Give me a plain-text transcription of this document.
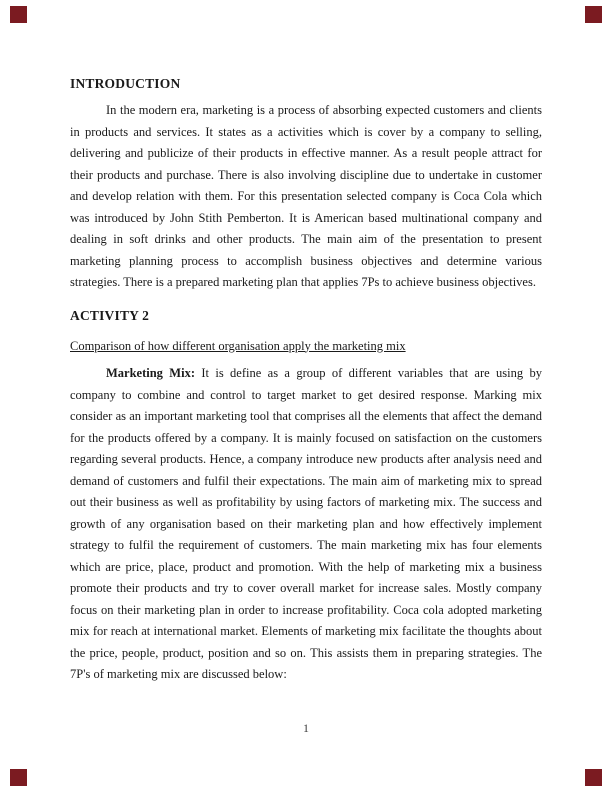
INTRODUCTION

In the modern era, marketing is a process of absorbing expected customers and clients in products and services. It states as a activities which is cover by a company to selling, delivering and publicize of their products in effective manner. As a result people attract for their products and purchase. There is also involving discipline due to undertake in customer and develop relation with them. For this presentation selected company is Coca Cola which was introduced by John Stith Pemberton. It is American based multinational company and dealing in soft drinks and other products. The main aim of the presentation to present marketing planning process to accomplish business objectives and determine various strategies. There is a prepared marketing plan that applies 7Ps to achieve business objectives.

ACTIVITY 2
Comparison of how different organisation apply the marketing mix

Marketing Mix: It is define as a group of different variables that are using by company to combine and control to target market to get desired response. Marking mix consider as an important marketing tool that comprises all the elements that affect the demand for the products offered by a company. It is mainly focused on satisfaction on the customers regarding several products. Hence, a company introduce new products after analysis need and demand of customers and fulfil their expectations. The main aim of marketing mix to spread out their business as well as profitability by using factors of marketing mix. The success and growth of any organisation based on their marketing plan and how effectively implement strategy to fulfil the requirement of customers. The main marketing mix has four elements which are price, place, product and promotion. With the help of marketing mix a business promote their products and try to cover overall market for increase sales. Mostly company focus on their marketing plan in order to increase profitability. Coca cola adopted marketing mix for reach at international market. Elements of marketing mix facilitate the thoughts about the price, people, product, position and so on. This assists them in preparing strategies. The 7P's of marketing mix are discussed below:

1
